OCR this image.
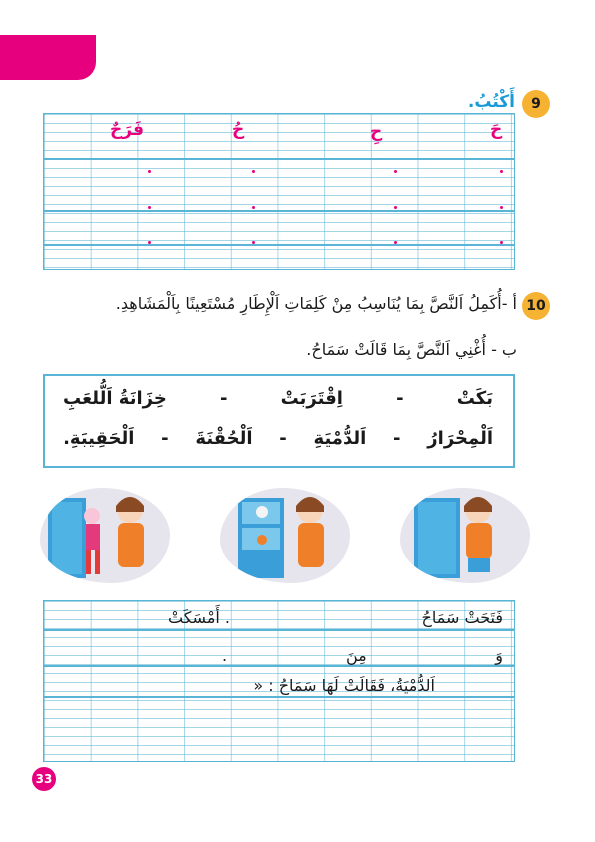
9
أَكْتُبُ.
حَ
حِ
حُ
فَرَحٌ
10
أ -أُكَمِلُ اَلنَّصَّ بِمَا يُنَاسِبُ مِنْ كَلِمَاتِ اَلْإِطَارِ مُسْتَعِينًا بِاَلْمَشَاهِدِ.
ب - أُغْنِي اَلنَّصَّ بِمَا قَالَتْ سَمَاحُ.
بَكَتْ
-
اِقْتَرَبَتْ
-
خِزَانَةُ اَلُّلعَبِ
اَلْمِحْرَارُ
-
اَلدُّمْيَةِ
-
اَلْحُقْنَةَ
-
اَلْحَقِيبَةِ.
فَتَحَتْ سَمَاحُ
. أَمْسَكَتْ
وَ
مِنَ
.
اَلدُّمْيَةُ، فَقَالَتْ لَهَا سَمَاحُ : «
33
